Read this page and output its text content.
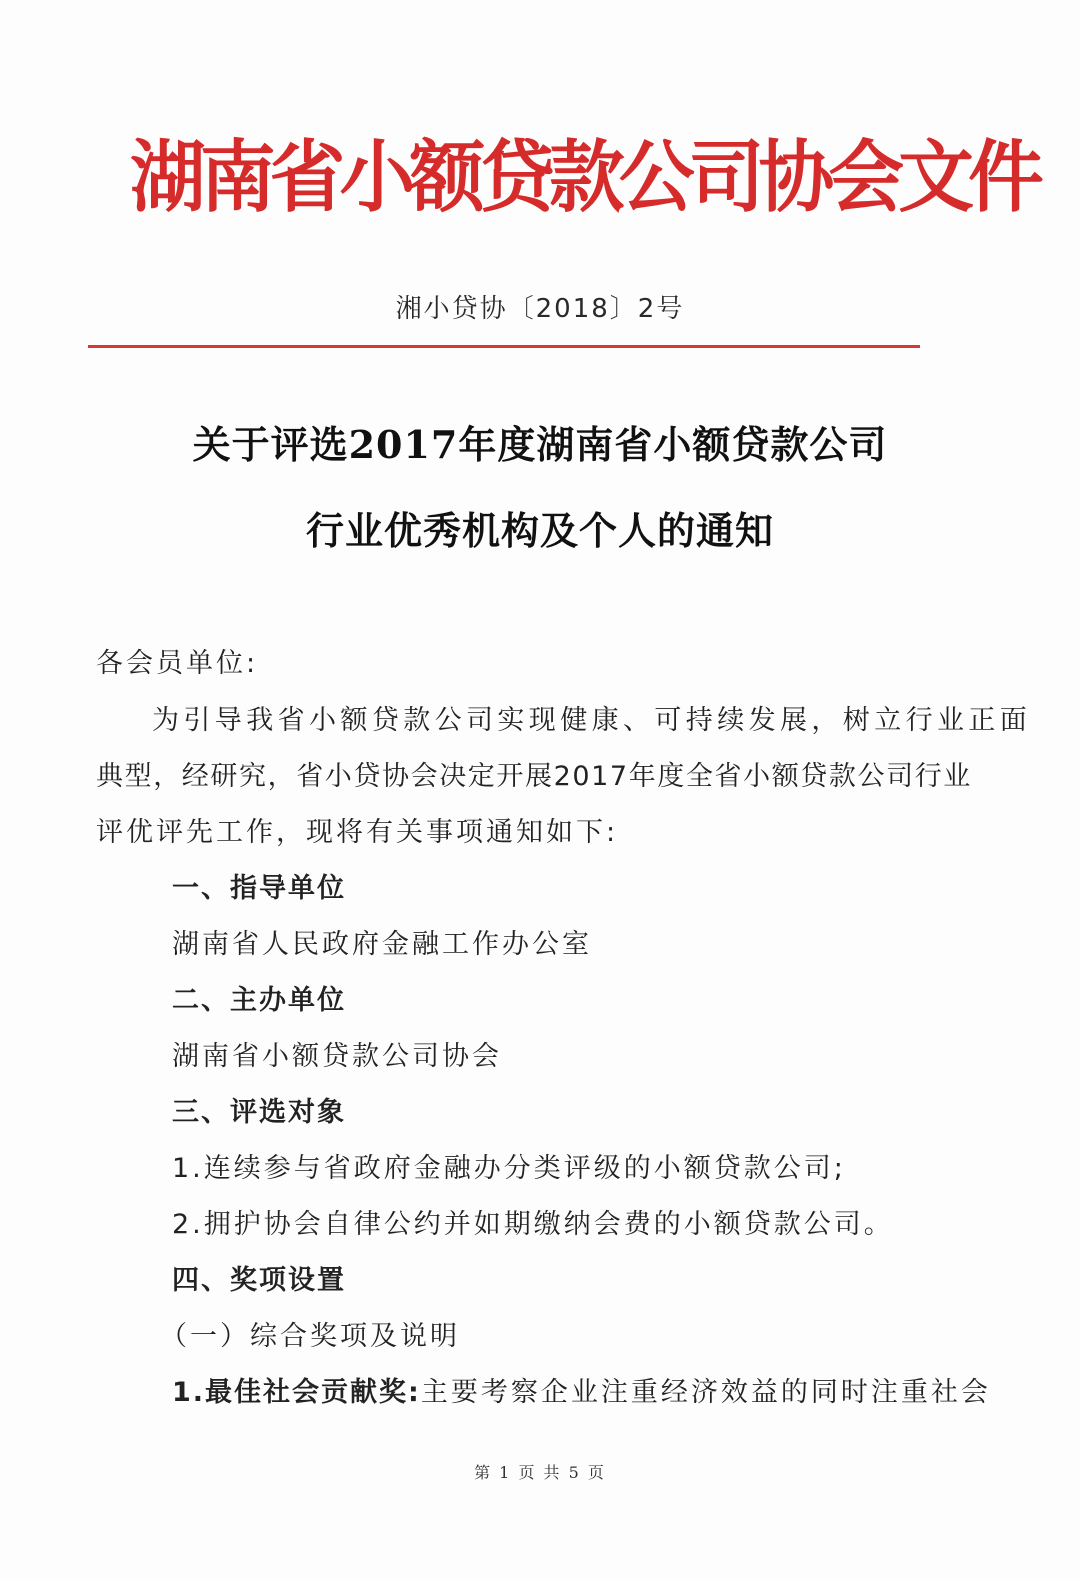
湖南省小额贷款公司协会文件
湘小贷协〔2018〕2号
关于评选2017年度湖南省小额贷款公司
行业优秀机构及个人的通知
各会员单位:
为引导我省小额贷款公司实现健康、可持续发展，树立行业正面
典型，经研究，省小贷协会决定开展2017年度全省小额贷款公司行业
评优评先工作，现将有关事项通知如下:
一、指导单位
湖南省人民政府金融工作办公室
二、主办单位
湖南省小额贷款公司协会
三、评选对象
1.连续参与省政府金融办分类评级的小额贷款公司;
2.拥护协会自律公约并如期缴纳会费的小额贷款公司。
四、奖项设置
（一）综合奖项及说明
1.最佳社会贡献奖:主要考察企业注重经济效益的同时注重社会
第 1 页 共 5 页
